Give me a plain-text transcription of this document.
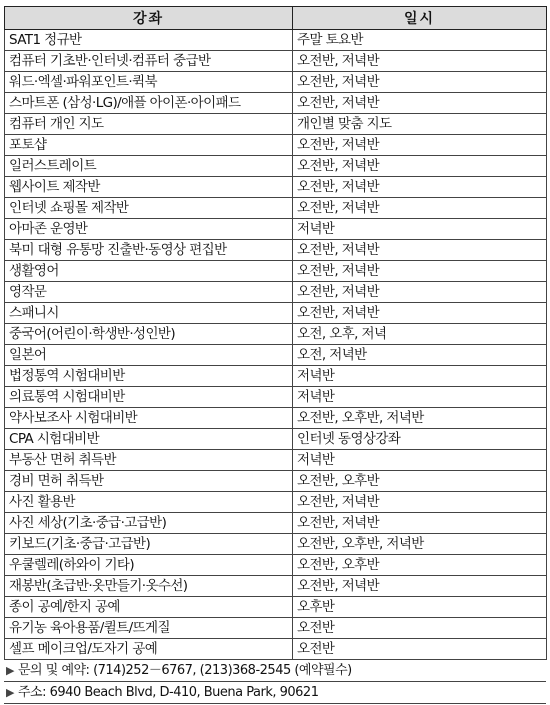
강좌	일시
SAT1 정규반	주말 토요반
컴퓨터 기초반·인터넷·컴퓨터 중급반	오전반, 저녁반
워드·엑셀·파워포인트·퀵북	오전반, 저녁반
스마트폰 (삼성·LG)/애플 아이폰·아이패드	오전반, 저녁반
컴퓨터 개인 지도	개인별 맞춤 지도
포토샵	오전반, 저녁반
일러스트레이트	오전반, 저녁반
웹사이트 제작반	오전반, 저녁반
인터넷 쇼핑몰 제작반	오전반, 저녁반
아마존 운영반	저녁반
북미 대형 유통망 진출반·동영상 편집반	오전반, 저녁반
생활영어	오전반, 저녁반
영작문	오전반, 저녁반
스패니시	오전반, 저녁반
중국어(어린이·학생반·성인반)	오전, 오후, 저녁
일본어	오전, 저녁반
법정통역 시험대비반	저녁반
의료통역 시험대비반	저녁반
약사보조사 시험대비반	오전반, 오후반, 저녁반
CPA 시험대비반	인터넷 동영상강좌
부동산 면허 취득반	저녁반
경비 면허 취득반	오전반, 오후반
사진 활용반	오전반, 저녁반
사진 세상(기초·중급·고급반)	오전반, 저녁반
키보드(기초·중급·고급반)	오전반, 오후반, 저녁반
우쿨렐레(하와이 기타)	오전반, 오후반
재봉반(초급반·옷만들기·옷수선)	오전반, 저녁반
종이 공예/한지 공예	오후반
유기농 육아용품/퀼트/뜨게질	오전반
셀프 메이크업/도자기 공예	오전반
▶ 문의 및 예약: (714)252－6767, (213)368-2545 (예약필수)
▶ 주소: 6940 Beach Blvd, D-410, Buena Park, 90621
